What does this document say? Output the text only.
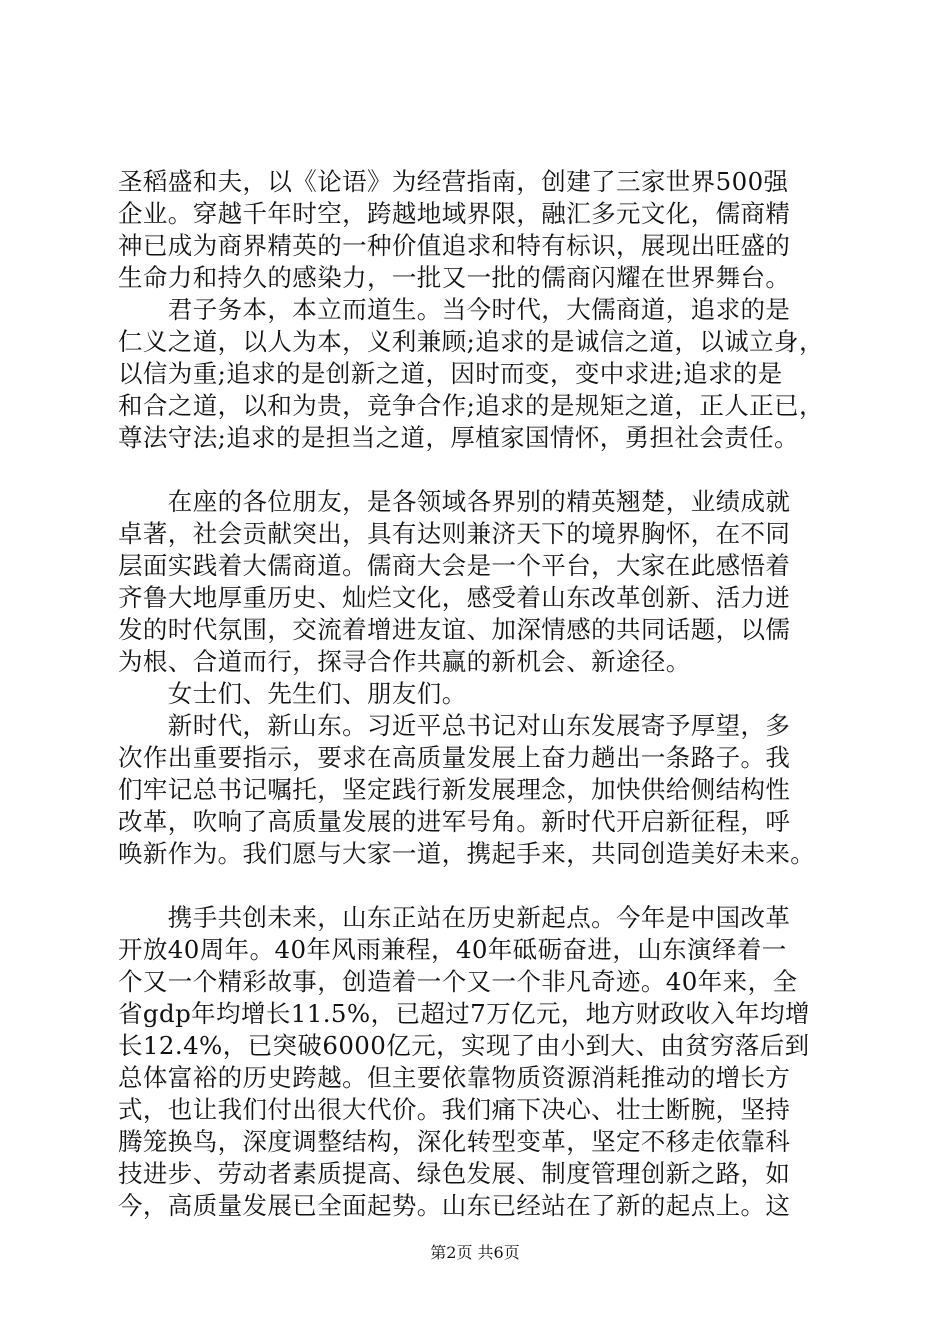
圣稻盛和夫，以《论语》为经营指南，创建了三家世界500强
企业。穿越千年时空，跨越地域界限，融汇多元文化，儒商精
神已成为商界精英的一种价值追求和特有标识，展现出旺盛的
生命力和持久的感染力，一批又一批的儒商闪耀在世界舞台。
　　君子务本，本立而道生。当今时代，大儒商道，追求的是
仁义之道，以人为本，义利兼顾;追求的是诚信之道，以诚立身，
以信为重;追求的是创新之道，因时而变，变中求进;追求的是
和合之道，以和为贵，竞争合作;追求的是规矩之道，正人正已，
尊法守法;追求的是担当之道，厚植家国情怀，勇担社会责任。
　　在座的各位朋友，是各领域各界别的精英翘楚，业绩成就
卓著，社会贡献突出，具有达则兼济天下的境界胸怀，在不同
层面实践着大儒商道。儒商大会是一个平台，大家在此感悟着
齐鲁大地厚重历史、灿烂文化，感受着山东改革创新、活力迸
发的时代氛围，交流着增进友谊、加深情感的共同话题，以儒
为根、合道而行，探寻合作共赢的新机会、新途径。
　　女士们、先生们、朋友们。
　　新时代，新山东。习近平总书记对山东发展寄予厚望，多
次作出重要指示，要求在高质量发展上奋力趟出一条路子。我
们牢记总书记嘱托，坚定践行新发展理念，加快供给侧结构性
改革，吹响了高质量发展的进军号角。新时代开启新征程，呼
唤新作为。我们愿与大家一道，携起手来，共同创造美好未来。
　　携手共创未来，山东正站在历史新起点。今年是中国改革
开放40周年。40年风雨兼程，40年砥砺奋进，山东演绎着一
个又一个精彩故事，创造着一个又一个非凡奇迹。40年来，全
省gdp年均增长11.5%，已超过7万亿元，地方财政收入年均增
长12.4%，已突破6000亿元，实现了由小到大、由贫穷落后到
总体富裕的历史跨越。但主要依靠物质资源消耗推动的增长方
式，也让我们付出很大代价。我们痛下决心、壮士断腕，坚持
腾笼换鸟，深度调整结构，深化转型变革，坚定不移走依靠科
技进步、劳动者素质提高、绿色发展、制度管理创新之路，如
今，高质量发展已全面起势。山东已经站在了新的起点上。这
第2页 共6页
